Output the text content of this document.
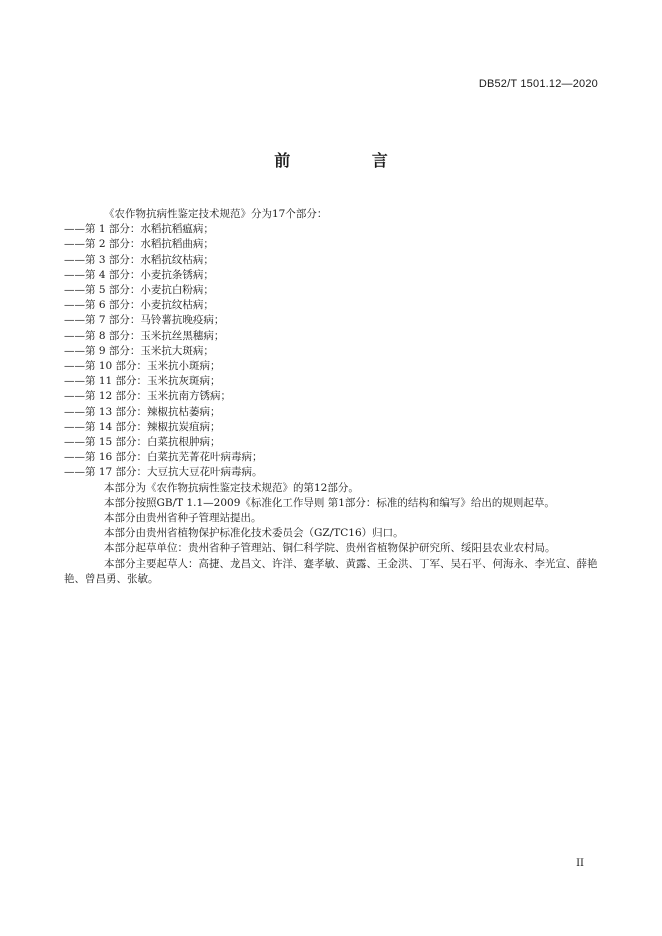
DB52/T 1501.12—2020
前 言

《农作物抗病性鉴定技术规范》分为17个部分：

——第 1 部分：水稻抗稻瘟病；

——第 2 部分：水稻抗稻曲病；

——第 3 部分：水稻抗纹枯病；

——第 4 部分：小麦抗条锈病；

——第 5 部分：小麦抗白粉病；

——第 6 部分：小麦抗纹枯病；

——第 7 部分：马铃薯抗晚疫病；

——第 8 部分：玉米抗丝黑穗病；

——第 9 部分：玉米抗大斑病；

——第 10 部分：玉米抗小斑病；

——第 11 部分：玉米抗灰斑病；

——第 12 部分：玉米抗南方锈病；

——第 13 部分：辣椒抗枯萎病；

——第 14 部分：辣椒抗炭疽病；

——第 15 部分：白菜抗根肿病；

——第 16 部分：白菜抗芜菁花叶病毒病；

——第 17 部分：大豆抗大豆花叶病毒病。

本部分为《农作物抗病性鉴定技术规范》的第12部分。

本部分按照GB/T 1.1—2009《标准化工作导则 第1部分：标准的结构和编写》给出的规则起草。

本部分由贵州省种子管理站提出。

本部分由贵州省植物保护标准化技术委员会（GZ/TC16）归口。

本部分起草单位：贵州省种子管理站、铜仁科学院、贵州省植物保护研究所、绥阳县农业农村局。

本部分主要起草人：高捷、龙昌文、许洋、蹇孝敏、黄露、王金洪、丁军、吴石平、何海永、李光宣、薛艳艳、曾昌勇、张敏。

II
